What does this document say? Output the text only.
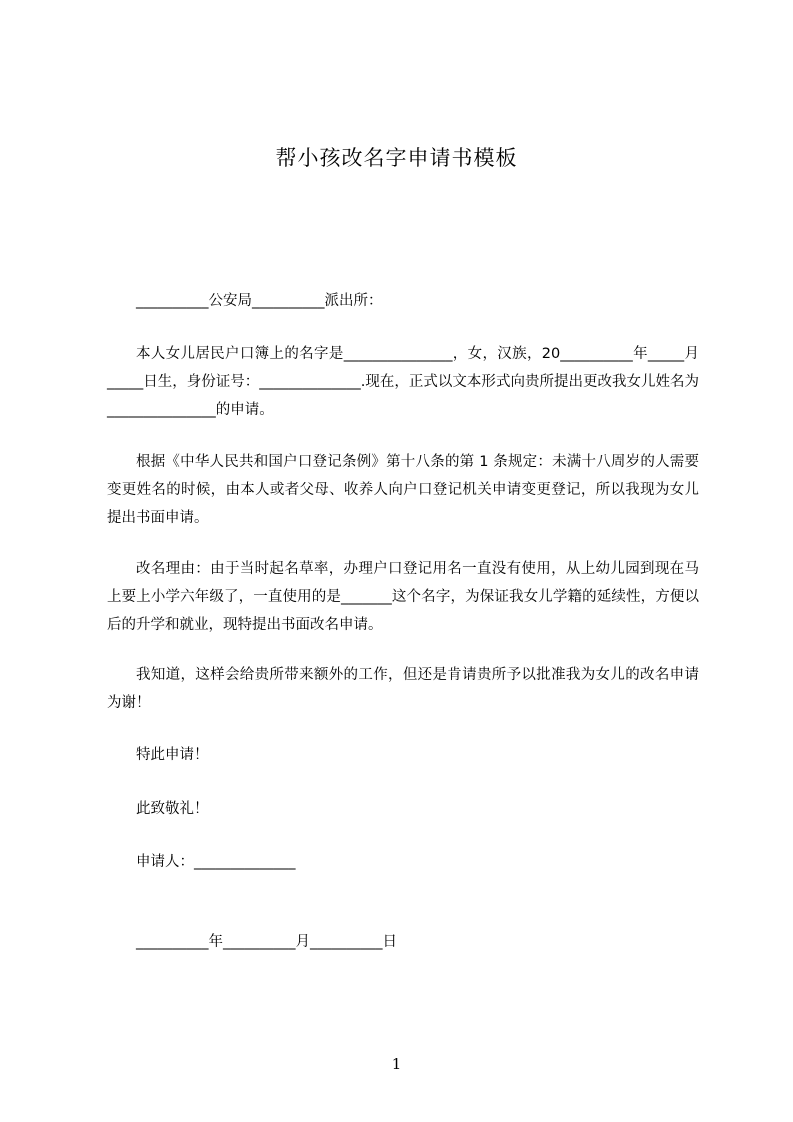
帮小孩改名字申请书模板

__________公安局__________派出所：

本人女儿居民户口簿上的名字是_______________，女，汉族，20__________年_____月_____日生，身份证号：______________.现在，正式以文本形式向贵所提出更改我女儿姓名为_______________的申请。

根据《中华人民共和国户口登记条例》第十八条的第 1 条规定：未满十八周岁的人需要变更姓名的时候，由本人或者父母、收养人向户口登记机关申请变更登记，所以我现为女儿提出书面申请。

改名理由：由于当时起名草率，办理户口登记用名一直没有使用，从上幼儿园到现在马上要上小学六年级了，一直使用的是_______这个名字，为保证我女儿学籍的延续性，方便以后的升学和就业，现特提出书面改名申请。

我知道，这样会给贵所带来额外的工作，但还是肯请贵所予以批准我为女儿的改名申请为谢！

特此申请！

此致敬礼！

申请人：______________

__________年__________月__________日

1
